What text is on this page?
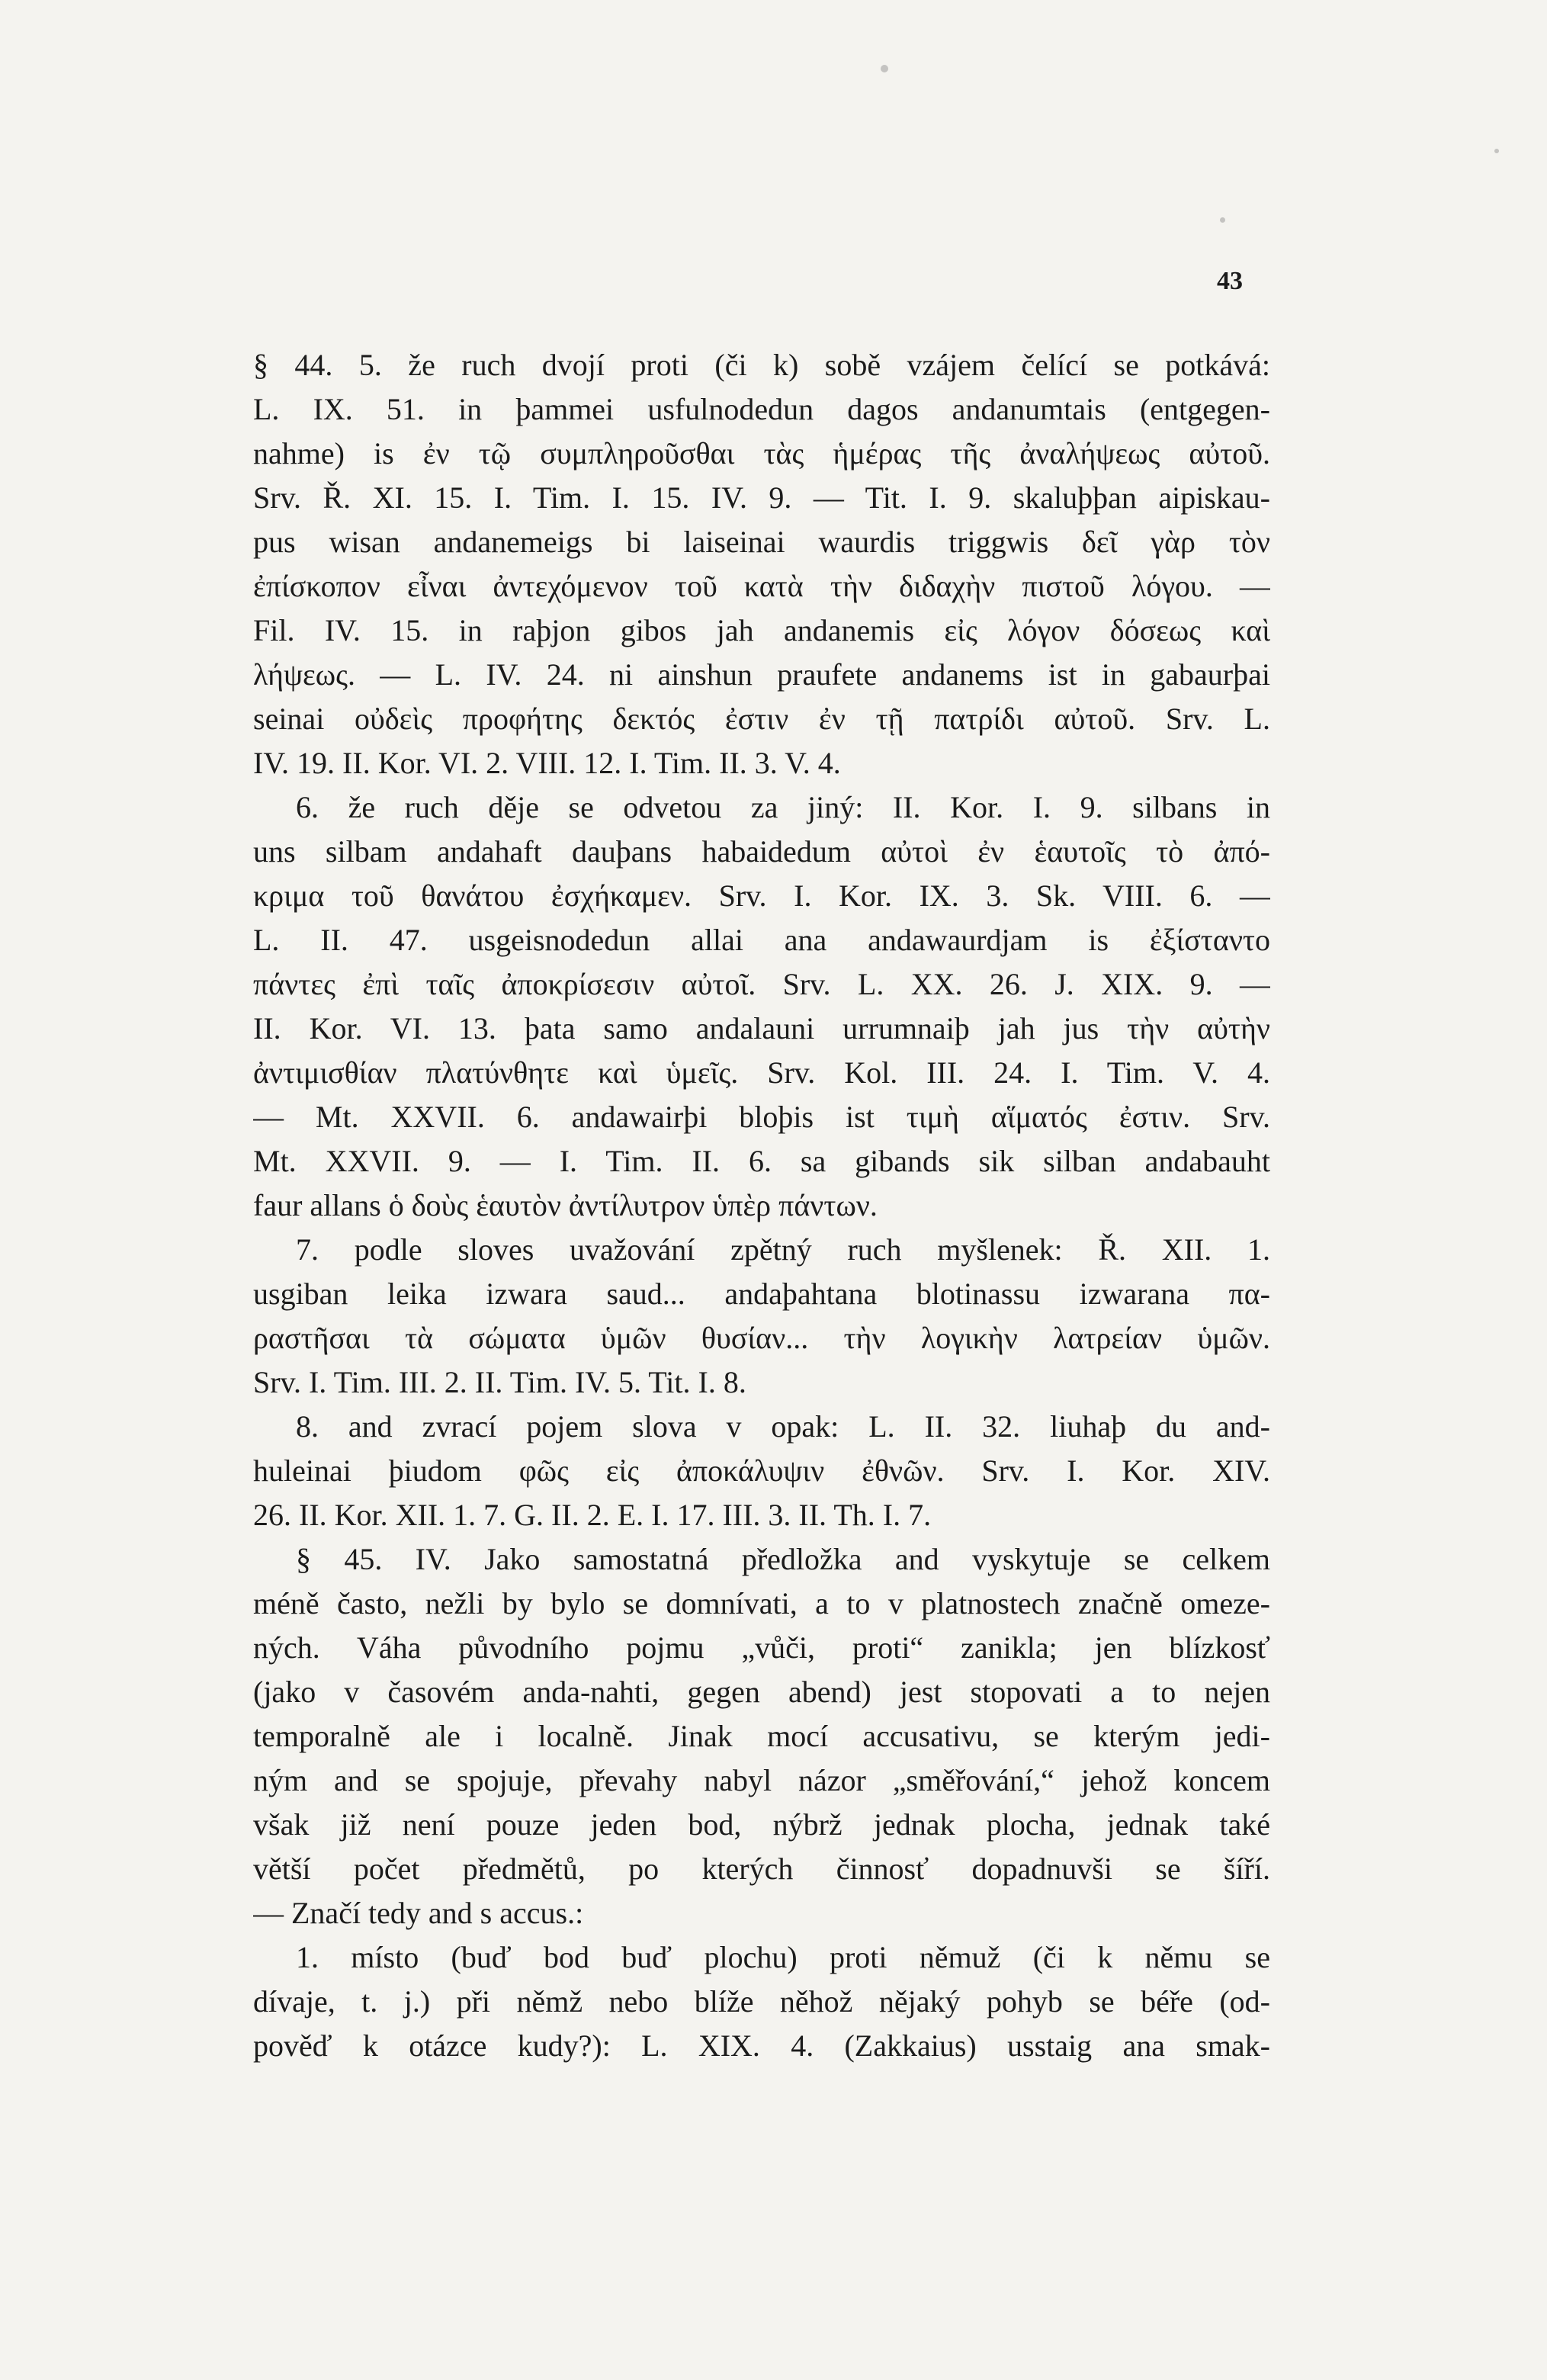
43
§ 44. 5. že ruch dvojí proti (či k) sobě vzájem čelící se potkává:
L. IX. 51. in þammei usfulnodedun dagos andanumtais (entgegen-
nahme) is ἐν τῷ συμπληροῦσθαι τὰς ἡμέρας τῆς ἀναλήψεως αὐτοῦ.
Srv. Ř. XI. 15. I. Tim. I. 15. IV. 9. — Tit. I. 9. skaluþþan aipiskau-
pus wisan andanemeigs bi laiseinai waurdis triggwis δεῖ γὰρ τὸν
ἐπίσκοπον εἶναι ἀντεχόμενον τοῦ κατὰ τὴν διδαχὴν πιστοῦ λόγου. —
Fil. IV. 15. in raþjon gibos jah andanemis εἰς λόγον δόσεως καὶ
λήψεως. — L. IV. 24. ni ainshun praufete andanems ist in gabaurþai
seinai οὐδεὶς προφήτης δεκτός ἐστιν ἐν τῇ πατρίδι αὐτοῦ. Srv. L.
IV. 19. II. Kor. VI. 2. VIII. 12. I. Tim. II. 3. V. 4.
6. že ruch děje se odvetou za jiný: II. Kor. I. 9. silbans in
uns silbam andahaft dauþans habaidedum αὐτοὶ ἐν ἑαυτοῖς τὸ ἀπό-
κριμα τοῦ θανάτου ἐσχήκαμεν. Srv. I. Kor. IX. 3. Sk. VIII. 6. —
L. II. 47. usgeisnodedun allai ana andawaurdjam is ἐξίσταντο
πάντες ἐπὶ ταῖς ἀποκρίσεσιν αὐτοῖ. Srv. L. XX. 26. J. XIX. 9. —
II. Kor. VI. 13. þata samo andalauni urrumnaiþ jah jus τὴν αὐτὴν
ἀντιμισθίαν πλατύνθητε καὶ ὑμεῖς. Srv. Kol. III. 24. I. Tim. V. 4.
— Mt. XXVII. 6. andawairþi bloþis ist τιμὴ αἵματός ἐστιν. Srv.
Mt. XXVII. 9. — I. Tim. II. 6. sa gibands sik silban andabauht
faur allans ὁ δοὺς ἑαυτὸν ἀντίλυτρον ὑπὲρ πάντων.
7. podle sloves uvažování zpětný ruch myšlenek: Ř. XII. 1.
usgiban leika izwara saud... andaþahtana blotinassu izwarana πα-
ραστῆσαι τὰ σώματα ὑμῶν θυσίαν... τὴν λογικὴν λατρείαν ὑμῶν.
Srv. I. Tim. III. 2. II. Tim. IV. 5. Tit. I. 8.
8. and zvrací pojem slova v opak: L. II. 32. liuhaþ du and-
huleinai þiudom φῶς εἰς ἀποκάλυψιν ἐθνῶν. Srv. I. Kor. XIV.
26. II. Kor. XII. 1. 7. G. II. 2. E. I. 17. III. 3. II. Th. I. 7.
§ 45. IV. Jako samostatná předložka and vyskytuje se celkem
méně často, nežli by bylo se domnívati, a to v platnostech značně omeze-
ných. Váha původního pojmu „vůči, proti“ zanikla; jen blízkosť
(jako v časovém anda-nahti, gegen abend) jest stopovati a to nejen
temporalně ale i localně. Jinak mocí accusativu, se kterým jedi-
ným and se spojuje, převahy nabyl názor „směřování,“ jehož koncem
však již není pouze jeden bod, nýbrž jednak plocha, jednak také
větší počet předmětů, po kterých činnosť dopadnuvši se šíří.
— Značí tedy and s accus.:
1. místo (buď bod buď plochu) proti němuž (či k němu se
dívaje, t. j.) při němž nebo blíže něhož nějaký pohyb se béře (od-
pověď k otázce kudy?): L. XIX. 4. (Zakkaius) usstaig ana smak-
